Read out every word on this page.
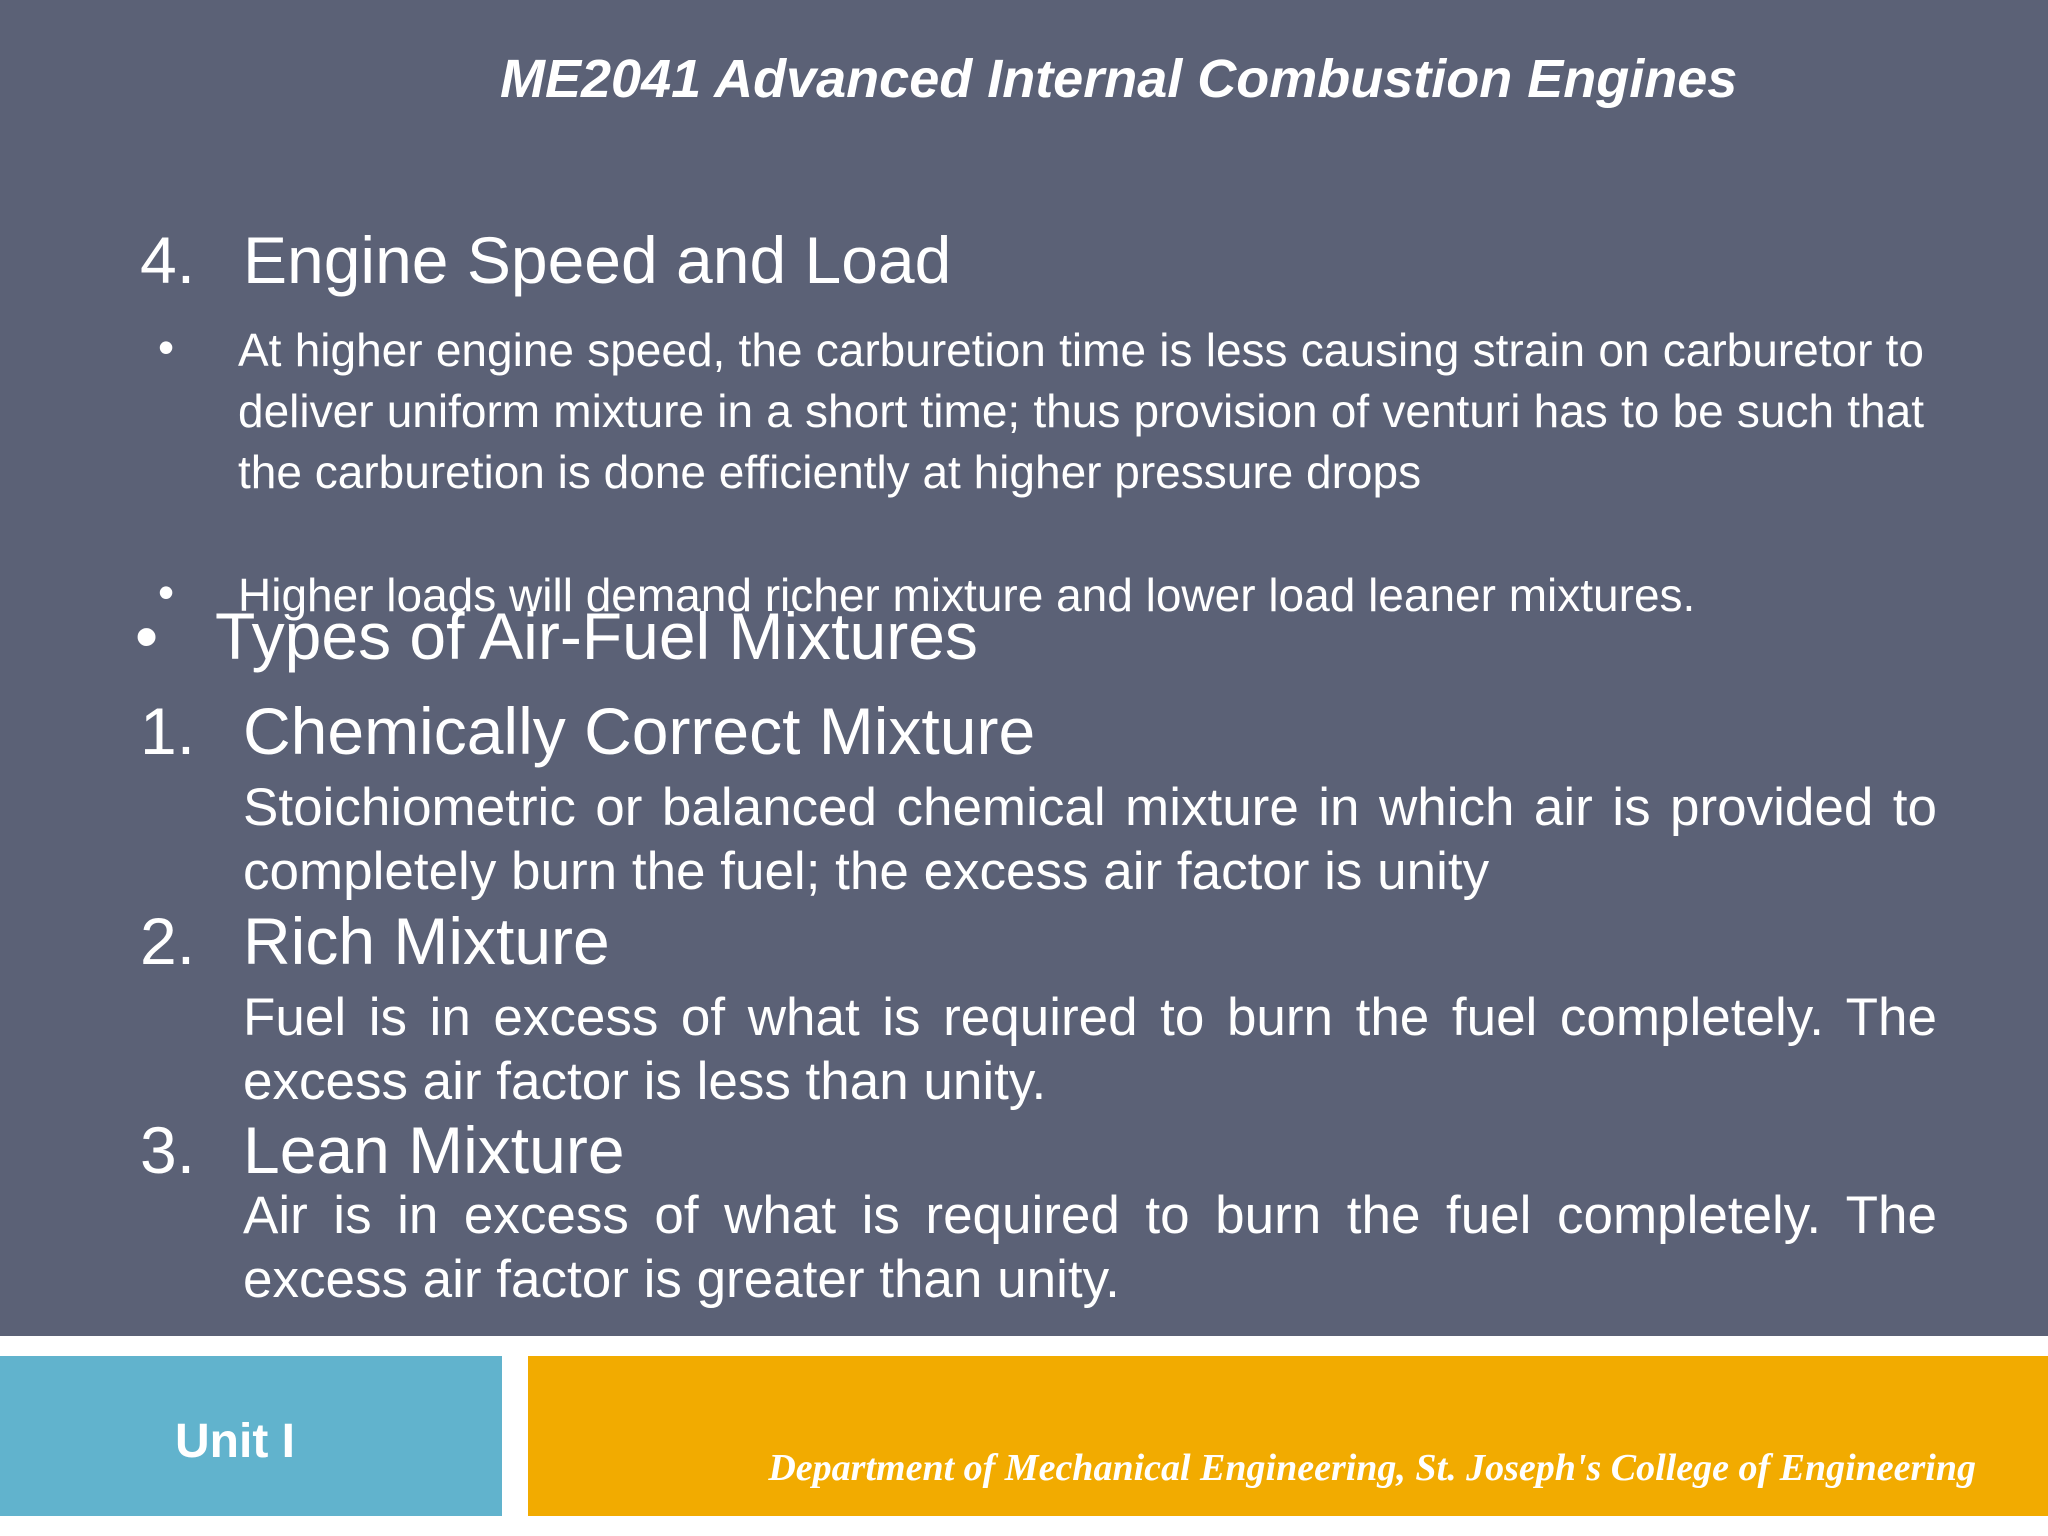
ME2041 Advanced Internal Combustion Engines
4. Engine Speed and Load
• At higher engine speed, the carburetion time is less causing strain on carburetor to deliver uniform mixture in a short time; thus provision of venturi has to be such that the carburetion is done efficiently at higher pressure drops
• Higher loads will demand richer mixture and lower load leaner mixtures.
• Types of Air-Fuel Mixtures
1. Chemically Correct Mixture
Stoichiometric or balanced chemical mixture in which air is provided to completely burn the fuel; the excess air factor is unity
2. Rich Mixture
Fuel is in excess of what is required to burn the fuel completely. The excess air factor is less than unity.
3. Lean Mixture
Air is in excess of what is required to burn the fuel completely. The excess air factor is greater than unity.
Unit I	Department of Mechanical Engineering, St. Joseph's College of Engineering
